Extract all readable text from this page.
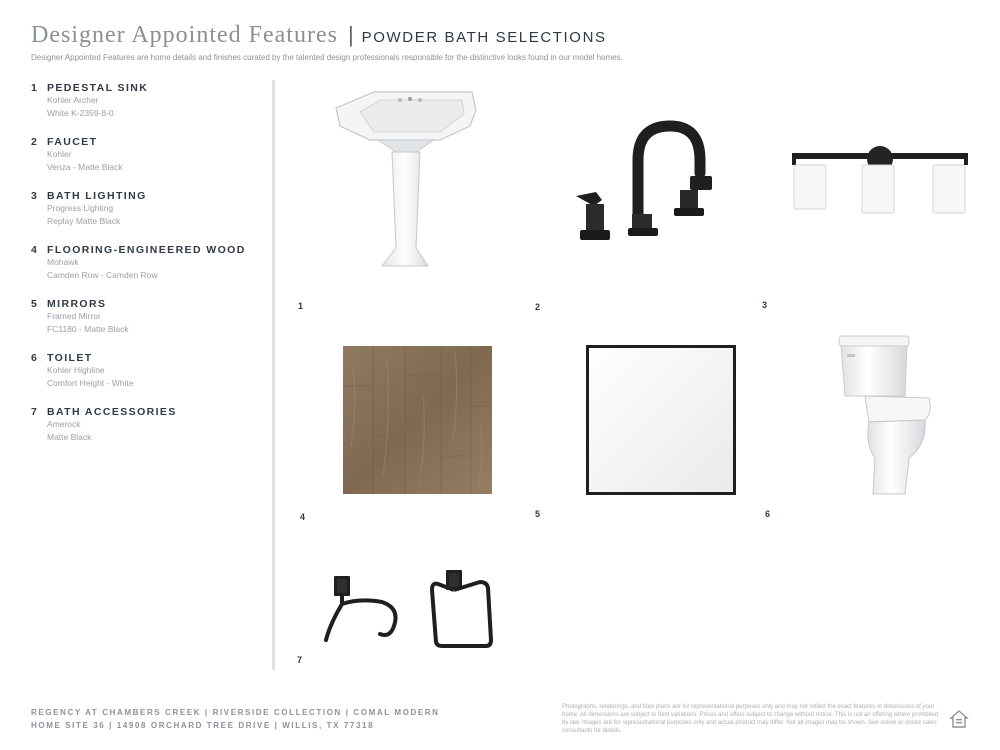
Designer Appointed Features | POWDER BATH SELECTIONS
Designer Appointed Features are home details and finishes curated by the talented design professionals responsible for the distinctive looks found in our model homes.
1 PEDESTAL SINK
Kohler Archer
White K-2359-8-0
2 FAUCET
Kohler
Venza - Matte Black
3 BATH LIGHTING
Progress Lighting
Replay Matte Black
4 FLOORING-ENGINEERED WOOD
Mohawk
Camden Row - Camden Row
5 MIRRORS
Framed Mirror
FC1180 - Matte Black
6 TOILET
Kohler Highline
Comfort Height - White
7 BATH ACCESSORIES
Amerock
Matte Black
1	2	3
4	5	6
7
REGENCY AT CHAMBERS CREEK | RIVERSIDE COLLECTION | COMAL MODERN
HOME SITE 36 | 14908 ORCHARD TREE DRIVE | WILLIS, TX 77318
Photographs, renderings, and floor plans are for representational purposes only and may not reflect the exact features or dimensions of your home. All dimensions are subject to field variations. Prices and offers subject to change without notice. This is not an offering where prohibited by law. Images are for representational purposes only and actual product may differ. Not all images may be shown. See online or onsite sales consultants for details.
